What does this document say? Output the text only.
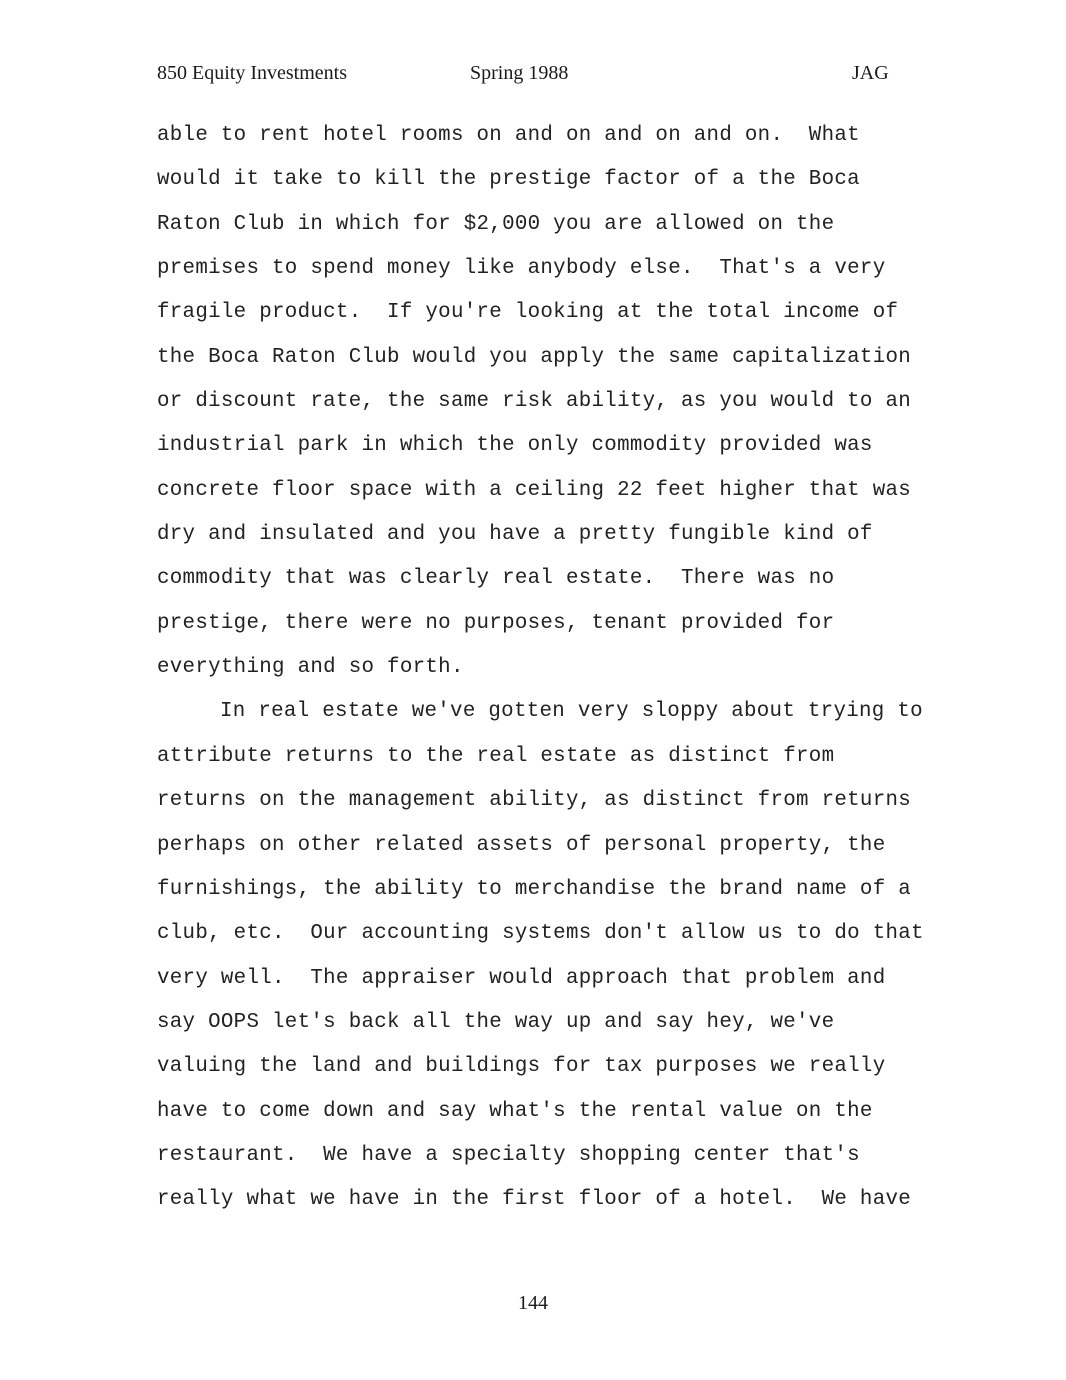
850 Equity Investments	Spring 1988	JAG
able to rent hotel rooms on and on and on and on.  What
would it take to kill the prestige factor of a the Boca
Raton Club in which for $2,000 you are allowed on the
premises to spend money like anybody else.  That's a very
fragile product.  If you're looking at the total income of
the Boca Raton Club would you apply the same capitalization
or discount rate, the same risk ability, as you would to an
industrial park in which the only commodity provided was
concrete floor space with a ceiling 22 feet higher that was
dry and insulated and you have a pretty fungible kind of
commodity that was clearly real estate.  There was no
prestige, there were no purposes, tenant provided for
everything and so forth.
In real estate we've gotten very sloppy about trying to
attribute returns to the real estate as distinct from
returns on the management ability, as distinct from returns
perhaps on other related assets of personal property, the
furnishings, the ability to merchandise the brand name of a
club, etc.  Our accounting systems don't allow us to do that
very well.  The appraiser would approach that problem and
say OOPS let's back all the way up and say hey, we've
valuing the land and buildings for tax purposes we really
have to come down and say what's the rental value on the
restaurant.  We have a specialty shopping center that's
really what we have in the first floor of a hotel.  We have
144
